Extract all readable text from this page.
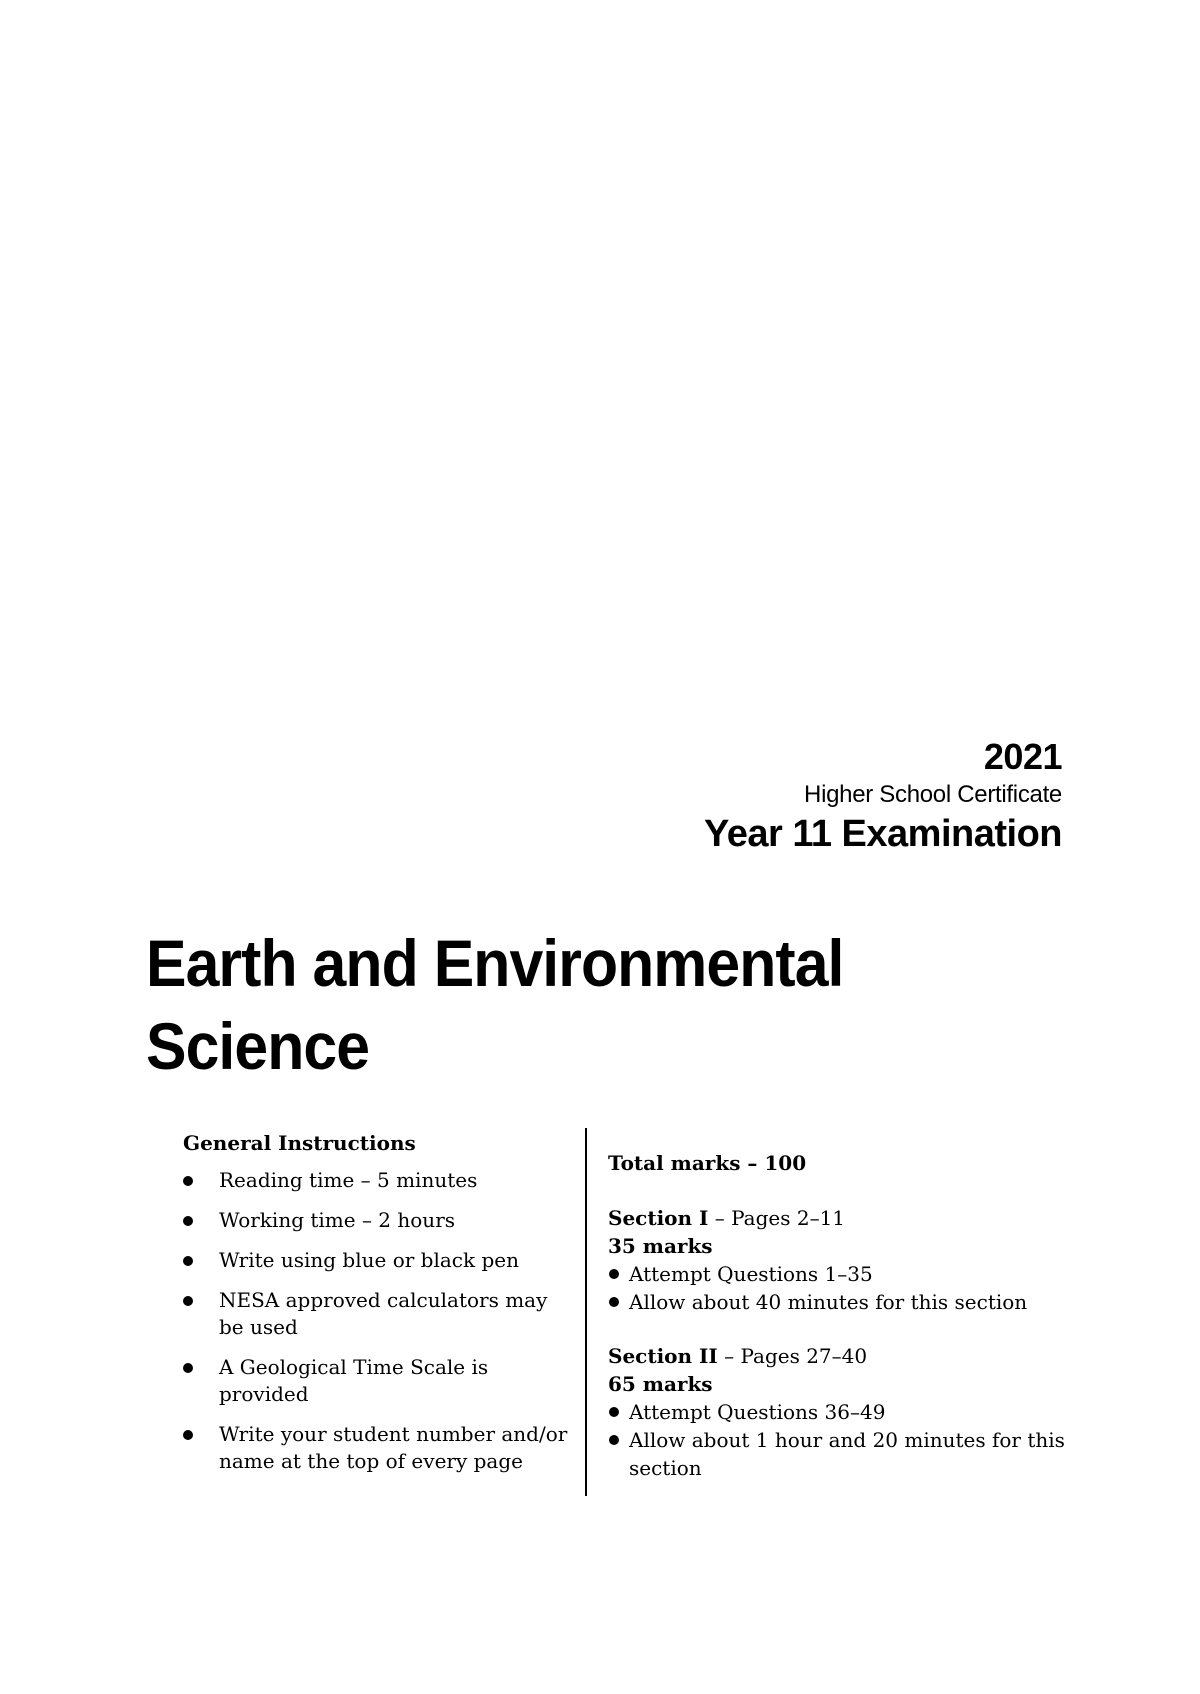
2021
Higher School Certificate
Year 11 Examination
Earth and Environmental
Science
General Instructions
Reading time – 5 minutes
Working time – 2 hours
Write using blue or black pen
NESA approved calculators may be used
A Geological Time Scale is provided
Write your student number and/or name at the top of every page
Total marks – 100
Section I – Pages 2–11
35 marks
Attempt Questions 1–35
Allow about 40 minutes for this section
Section II – Pages 27–40
65 marks
Attempt Questions 36–49
Allow about 1 hour and 20 minutes for this section
